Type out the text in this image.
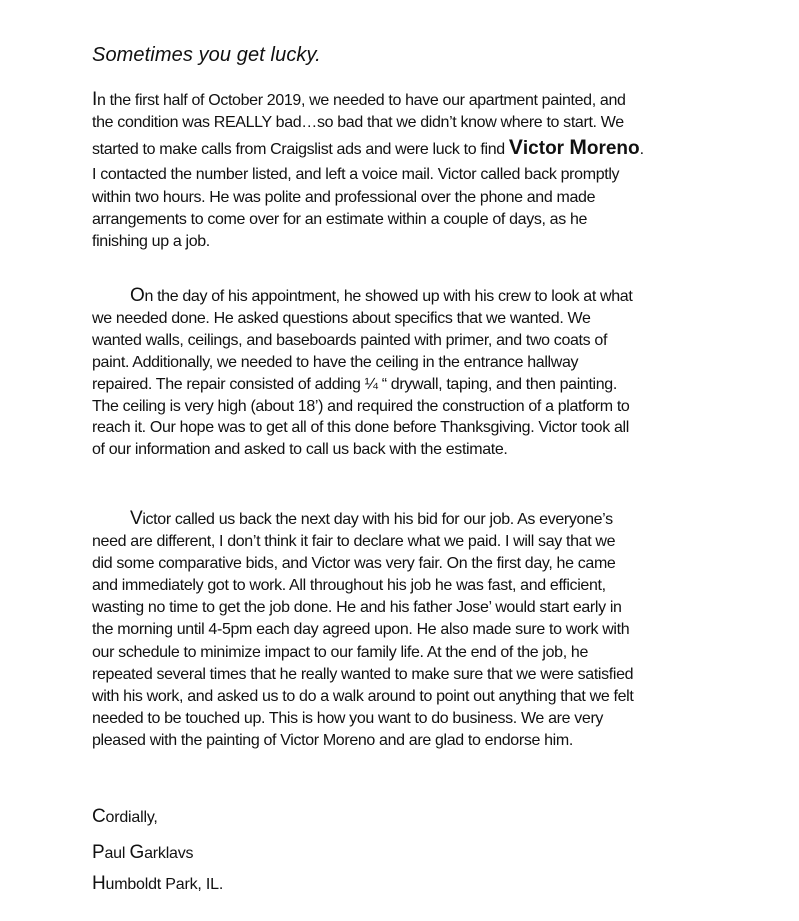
Sometimes you get lucky.
In the first half of October 2019, we needed to have our apartment painted, and
the condition was REALLY bad…so bad that we didn’t know where to start. We
started to make calls from Craigslist ads and were luck to find Victor Moreno.
I contacted the number listed, and left a voice mail. Victor called back promptly
within two hours. He was polite and professional over the phone and made
arrangements to come over for an estimate within a couple of days, as he
finishing up a job.
On the day of his appointment, he showed up with his crew to look at what
we needed done. He asked questions about specifics that we wanted. We
wanted walls, ceilings, and baseboards painted with primer, and two coats of
paint. Additionally, we needed to have the ceiling in the entrance hallway
repaired. The repair consisted of adding ¼ “ drywall, taping, and then painting.
The ceiling is very high (about 18’) and required the construction of a platform to
reach it. Our hope was to get all of this done before Thanksgiving. Victor took all
of our information and asked to call us back with the estimate.
Victor called us back the next day with his bid for our job. As everyone’s
need are different, I don’t think it fair to declare what we paid. I will say that we
did some comparative bids, and Victor was very fair. On the first day, he came
and immediately got to work. All throughout his job he was fast, and efficient,
wasting no time to get the job done. He and his father Jose’ would start early in
the morning until 4-5pm each day agreed upon. He also made sure to work with
our schedule to minimize impact to our family life. At the end of the job, he
repeated several times that he really wanted to make sure that we were satisfied
with his work, and asked us to do a walk around to point out anything that we felt
needed to be touched up. This is how you want to do business. We are very
pleased with the painting of Victor Moreno and are glad to endorse him.
Cordially,
Paul Garklavs
Humboldt Park, IL.
